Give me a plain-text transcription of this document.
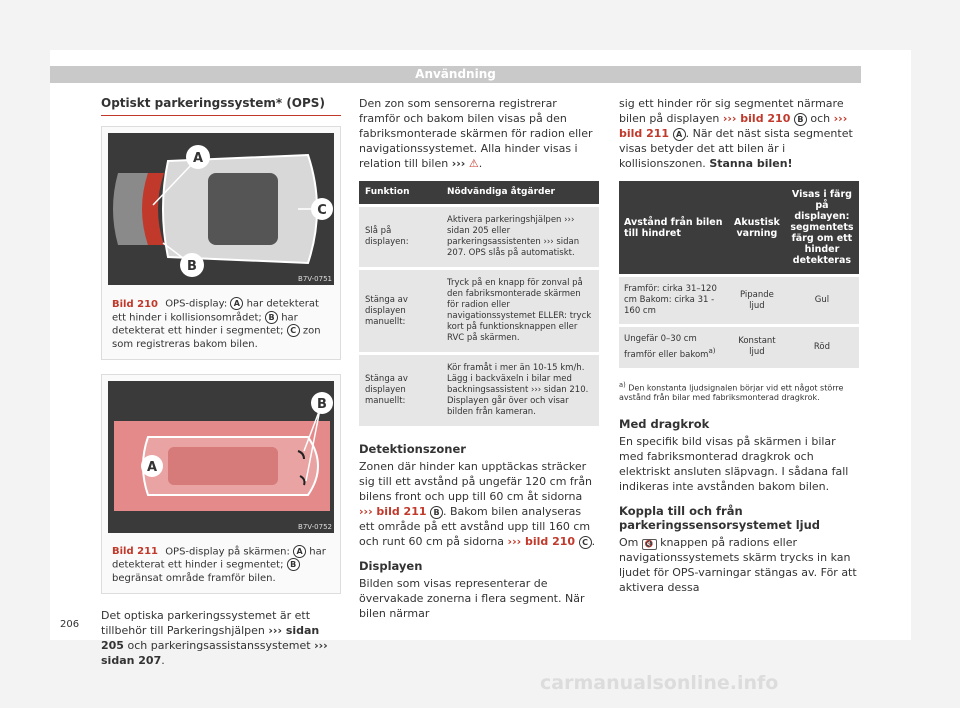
Användning
Optiskt parkeringssystem* (OPS)
A
B
C
B7V-0751
Bild 210 OPS-display: A har detekterat ett hinder i kollisionsområdet; B har detekterat ett hinder i segmentet; C zon som registreras bakom bilen.
B
A
B7V-0752
Bild 211 OPS-display på skärmen: A har detekterat ett hinder i segmentet; B begränsat område framför bilen.

Det optiska parkeringssystemet är ett tillbehör till Parkeringshjälpen ››› sidan 205 och parkeringsassistanssystemet ››› sidan 207.

Den zon som sensorerna registrerar framför och bakom bilen visas på den fabriksmonterade skärmen för radion eller navigationssystemet. Alla hinder visas i relation till bilen ››› ⚠.

Funktion	Nödvändiga åtgärder
Slå på displayen:	Aktivera parkeringshjälpen ››› sidan 205 eller parkeringsassistenten ››› sidan 207. OPS slås på automatiskt.
Stänga av displayen manuellt:	Tryck på en knapp för zonval på den fabriksmonterade skärmen för radion eller navigationssystemet ELLER: tryck kort på funktionsknappen eller RVC på skärmen.
Stänga av displayen manuellt:	Kör framåt i mer än 10-15 km/h. Lägg i backväxeln i bilar med backningsassistent ››› sidan 210. Displayen går över och visar bilden från kameran.
Detektionszoner

Zonen där hinder kan upptäckas sträcker sig till ett avstånd på ungefär 120 cm från bilens front och upp till 60 cm åt sidorna ››› bild 211 B . Bakom bilen analyseras ett område på ett avstånd upp till 160 cm och runt 60 cm på sidorna ››› bild 210 C .

Displayen

Bilden som visas representerar de övervakade zonerna i flera segment. När bilen närmar

sig ett hinder rör sig segmentet närmare bilen på displayen ››› bild 210 B och ››› bild 211 A . När det näst sista segmentet visas betyder det att bilen är i kollisionszonen. Stanna bilen!

Avstånd från bilen till hindret	Akustisk varning	Visas i färg på displayen: segmentets färg om ett hinder detekteras
Framför: cirka 31–120 cm Bakom: cirka 31 - 160 cm	Pipande ljud	Gul
Ungefär 0–30 cm framför eller bakom$^{a)}$	Konstant ljud	Röd
$^{a)}$ Den konstanta ljudsignalen börjar vid ett något större avstånd från bilar med fabriksmonterad dragkrok.
Med dragkrok

En specifik bild visas på skärmen i bilar med fabriksmonterad dragkrok och elektriskt ansluten släpvagn. I sådana fall indikeras inte avstånden bakom bilen.

Koppla till och från parkeringssensorsystemet ljud

Om 🔇 knappen på radions eller navigationssystemets skärm trycks in kan ljudet för OPS-varningar stängas av. För att aktivera dessa

206
carmanualsonline.info
